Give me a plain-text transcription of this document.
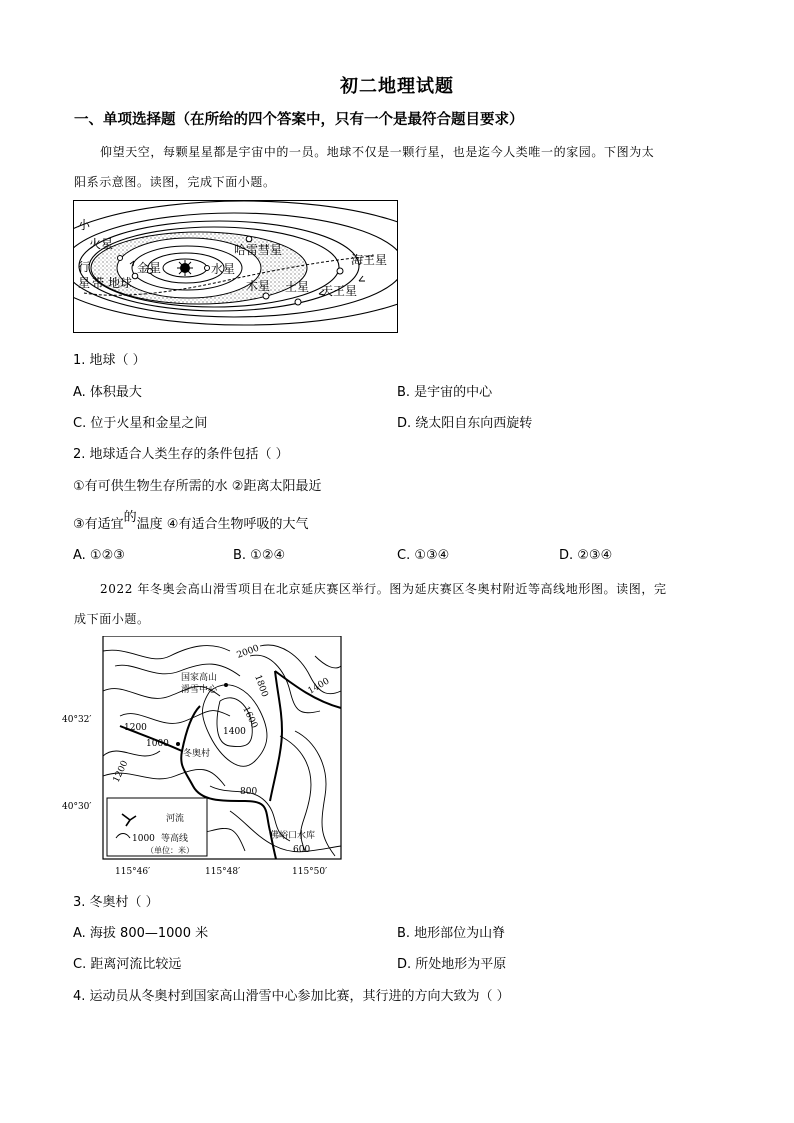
初二地理试题
一、单项选择题（在所给的四个答案中，只有一个是最符合题目要求）
仰望天空，每颗星星都是宇宙中的一员。地球不仅是一颗行星，也是迄今人类唯一的家园。下图为太
阳系示意图。读图，完成下面小题。
火星
金星	水星
哈雷彗星
海王星
木星 土星 天王星
地球
小
行
星 带
1. 地球（ ）
A. 体积最大	B. 是宇宙的中心
C. 位于火星和金星之间	D. 绕太阳自东向西旋转
2. 地球适合人类生存的条件包括（ ）
①有可供生物生存所需的水 ②距离太阳最近
③有适宜的温度 ④有适合生物呼吸的大气
A. ①②③	B. ①②④	C. ①③④	D. ②③④
2022 年冬奥会高山滑雪项目在北京延庆赛区举行。图为延庆赛区冬奥村附近等高线地形图。读图，完
成下面小题。
2000
1800
1600
1400
1400
1200
1000
1200
800
600
国家高山
滑雪中心
冬奥村
佛峪口水库
40°32′
40°30′
115°46′	115°48′	115°50′
河流
1000 等高线
（单位：米）
3. 冬奥村（ ）
A. 海拔 800—1000 米	B. 地形部位为山脊
C. 距离河流比较远	D. 所处地形为平原
4. 运动员从冬奥村到国家高山滑雪中心参加比赛，其行进的方向大致为（ ）
